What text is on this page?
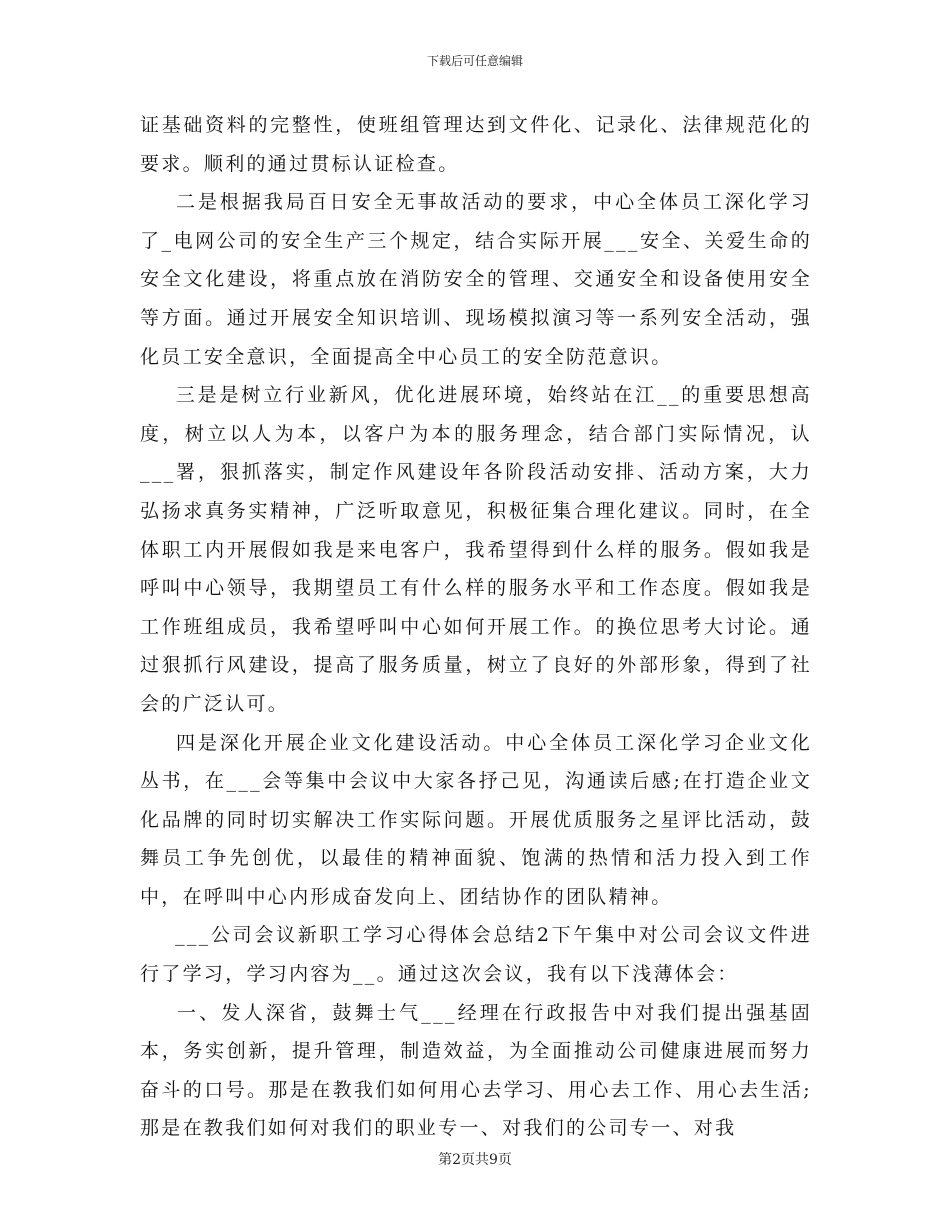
下载后可任意编辑

证基础资料的完整性，使班组管理达到文件化、记录化、法律规范化的要求。顺利的通过贯标认证检查。

二是根据我局百日安全无事故活动的要求，中心全体员工深化学习了_电网公司的安全生产三个规定，结合实际开展___安全、关爱生命的安全文化建设，将重点放在消防安全的管理、交通安全和设备使用安全等方面。通过开展安全知识培训、现场模拟演习等一系列安全活动，强化员工安全意识，全面提高全中心员工的安全防范意识。

三是是树立行业新风，优化进展环境，始终站在江__的重要思想高度，树立以人为本，以客户为本的服务理念，结合部门实际情况，认___署，狠抓落实，制定作风建设年各阶段活动安排、活动方案，大力弘扬求真务实精神，广泛听取意见，积极征集合理化建议。同时，在全体职工内开展假如我是来电客户，我希望得到什么样的服务。假如我是呼叫中心领导，我期望员工有什么样的服务水平和工作态度。假如我是工作班组成员，我希望呼叫中心如何开展工作。的换位思考大讨论。通过狠抓行风建设，提高了服务质量，树立了良好的外部形象，得到了社会的广泛认可。

四是深化开展企业文化建设活动。中心全体员工深化学习企业文化丛书，在___会等集中会议中大家各抒己见，沟通读后感;在打造企业文化品牌的同时切实解决工作实际问题。开展优质服务之星评比活动，鼓舞员工争先创优，以最佳的精神面貌、饱满的热情和活力投入到工作中，在呼叫中心内形成奋发向上、团结协作的团队精神。

___公司会议新职工学习心得体会总结2下午集中对公司会议文件进行了学习，学习内容为__。通过这次会议，我有以下浅薄体会：

一、发人深省，鼓舞士气___经理在行政报告中对我们提出强基固本，务实创新，提升管理，制造效益，为全面推动公司健康进展而努力奋斗的口号。那是在教我们如何用心去学习、用心去工作、用心去生活;那是在教我们如何对我们的职业专一、对我们的公司专一、对我

第2页共9页
